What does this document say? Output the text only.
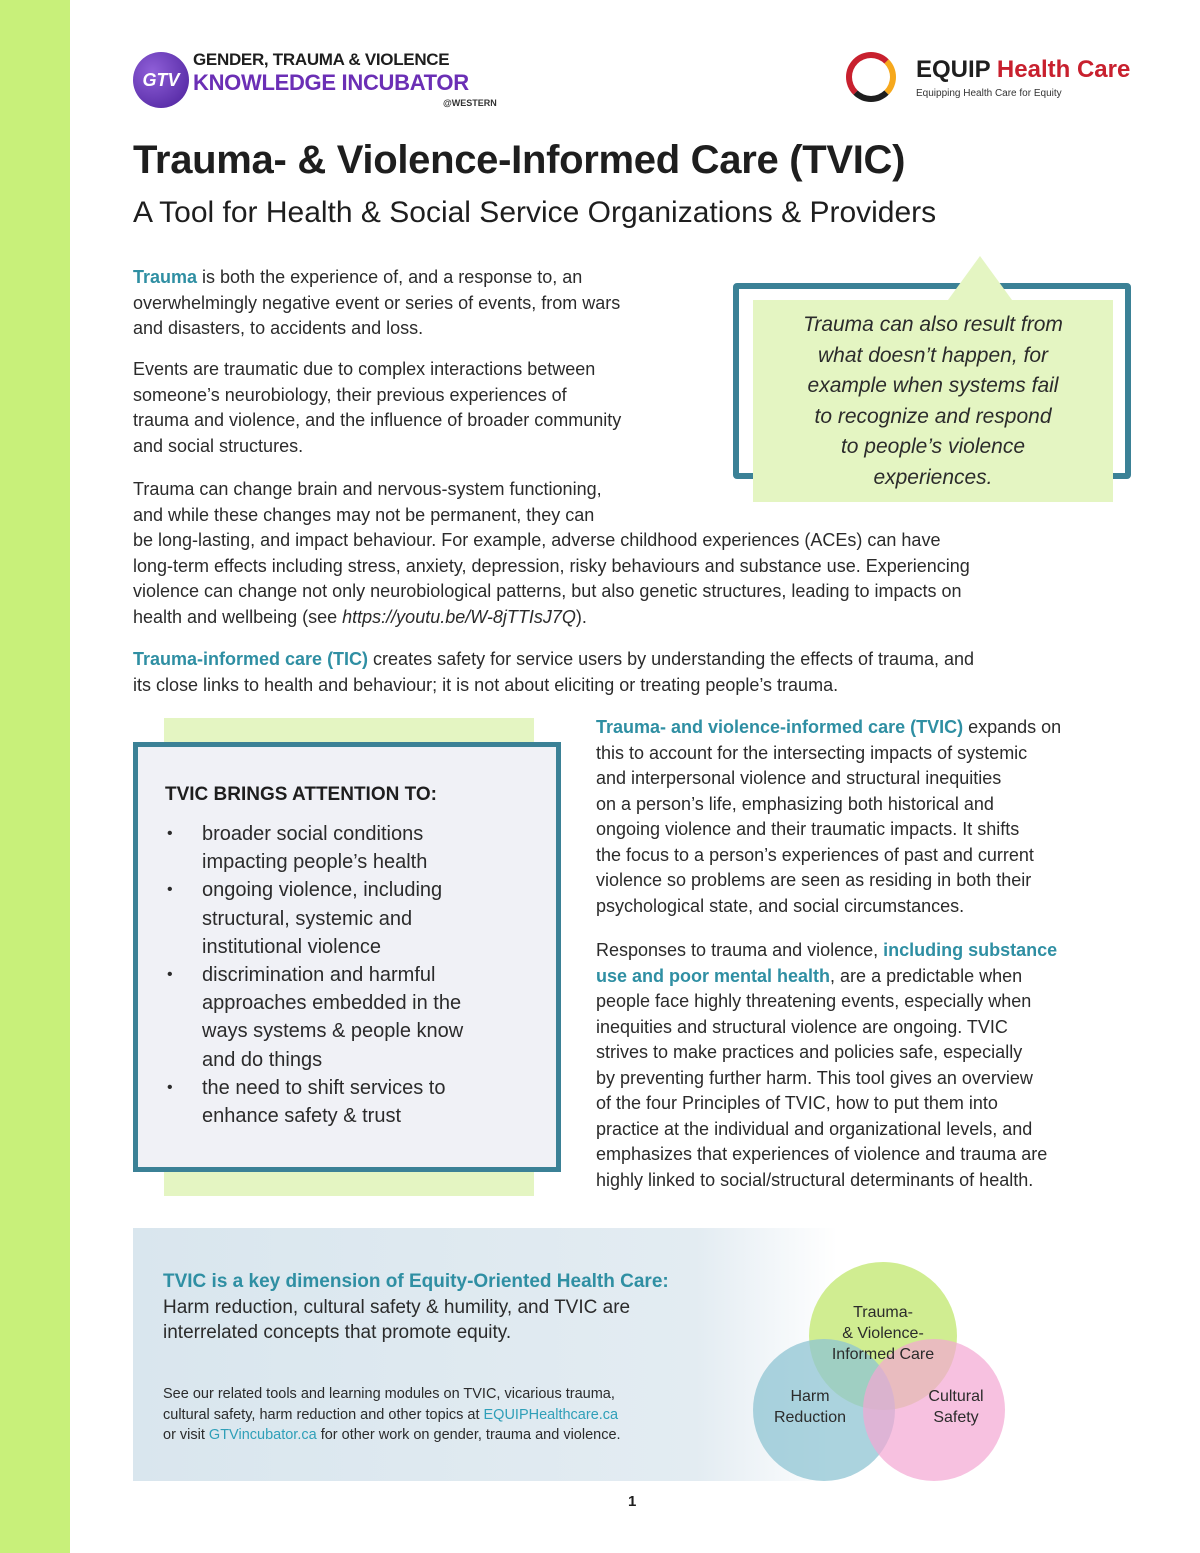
GTV
GENDER, TRAUMA & VIOLENCE
KNOWLEDGE INCUBATOR
@WESTERN
EQUIP Health Care
Equipping Health Care for Equity
Trauma- & Violence-Informed Care (TVIC)

A Tool for Health & Social Service Organizations & Providers

Trauma is both the experience of, and a response to, an
overwhelmingly negative event or series of events, from wars
and disasters, to accidents and loss.

Events are traumatic due to complex interactions between
someone’s neurobiology, their previous experiences of
trauma and violence, and the influence of broader community
and social structures.

Trauma can change brain and nervous-system functioning,
and while these changes may not be permanent, they can
be long-lasting, and impact behaviour. For example, adverse childhood experiences (ACEs) can have
long-term effects including stress, anxiety, depression, risky behaviours and substance use. Experiencing
violence can change not only neurobiological patterns, but also genetic structures, leading to impacts on
health and wellbeing (see https://youtu.be/W-8jTTIsJ7Q).

Trauma-informed care (TIC) creates safety for service users by understanding the effects of trauma, and
its close links to health and behaviour; it is not about eliciting or treating people’s trauma.

Trauma can also result from
what doesn’t happen, for
example when systems fail
to recognize and respond
to people’s violence
experiences.

TVIC BRINGS ATTENTION TO:

• broader social conditions
impacting people’s health
• ongoing violence, including
structural, systemic and
institutional violence
• discrimination and harmful
approaches embedded in the
ways systems & people know
and do things
• the need to shift services to
enhance safety & trust

Trauma- and violence-informed care (TVIC) expands on
this to account for the intersecting impacts of systemic
and interpersonal violence and structural inequities
on a person’s life, emphasizing both historical and
ongoing violence and their traumatic impacts. It shifts
the focus to a person’s experiences of past and current
violence so problems are seen as residing in both their
psychological state, and social circumstances.

Responses to trauma and violence, including substance
use and poor mental health, are a predictable when
people face highly threatening events, especially when
inequities and structural violence are ongoing. TVIC
strives to make practices and policies safe, especially
by preventing further harm. This tool gives an overview
of the four Principles of TVIC, how to put them into
practice at the individual and organizational levels, and
emphasizes that experiences of violence and trauma are
highly linked to social/structural determinants of health.

TVIC is a key dimension of Equity-Oriented Health Care:
Harm reduction, cultural safety & humility, and TVIC are
interrelated concepts that promote equity.

See our related tools and learning modules on TVIC, vicarious trauma,
cultural safety, harm reduction and other topics at EQUIPHealthcare.ca
or visit GTVincubator.ca for other work on gender, trauma and violence.

Trauma-
& Violence-
Informed Care
Harm
Reduction
Cultural
Safety
1
